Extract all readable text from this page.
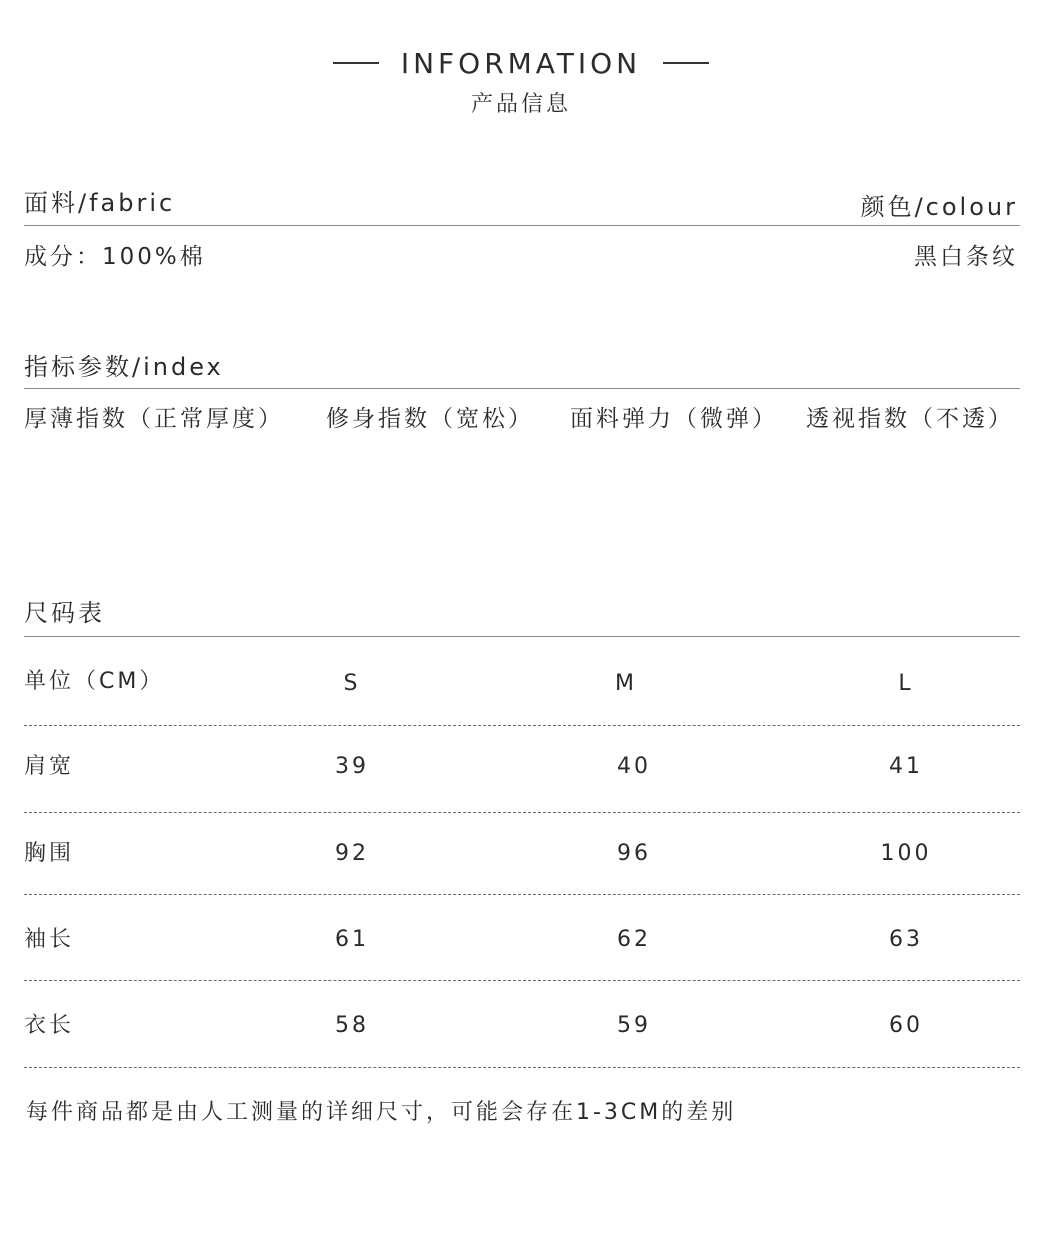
INFORMATION
产品信息
面料/fabric	颜色/colour
成分：100%棉	黑白条纹
指标参数/index
厚薄指数（正常厚度） 修身指数（宽松） 面料弹力（微弹） 透视指数（不透）
尺码表
单位（CM）	S	M	L
肩宽	39	40	41
胸围	92	96	100
袖长	61	62	63
衣长	58	59	60
每件商品都是由人工测量的详细尺寸，可能会存在1-3CM的差别
